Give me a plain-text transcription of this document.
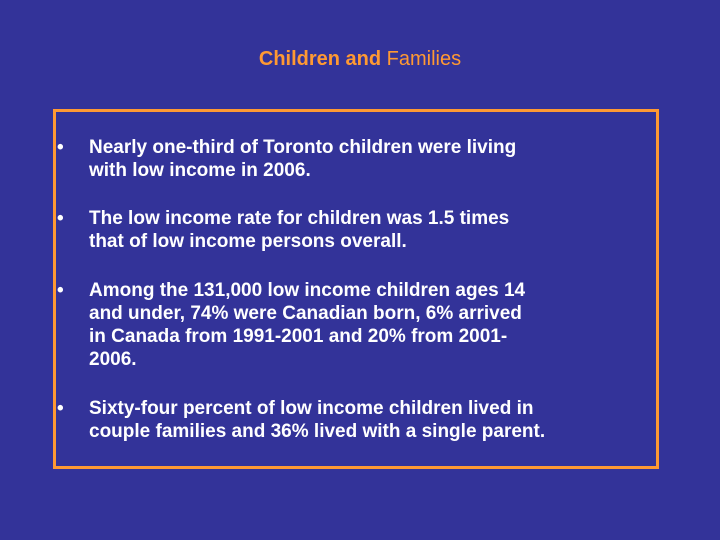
Children and Families
•	Nearly one-third of Toronto children were living
with low income in 2006.
•	The low income rate for children was 1.5 times
that of low income persons overall.
•	Among the 131,000 low income children ages 14
and under, 74% were Canadian born, 6% arrived
in Canada from 1991-2001 and 20% from 2001-
2006.
•	Sixty-four percent of low income children lived in
couple families and 36% lived with a single parent.
